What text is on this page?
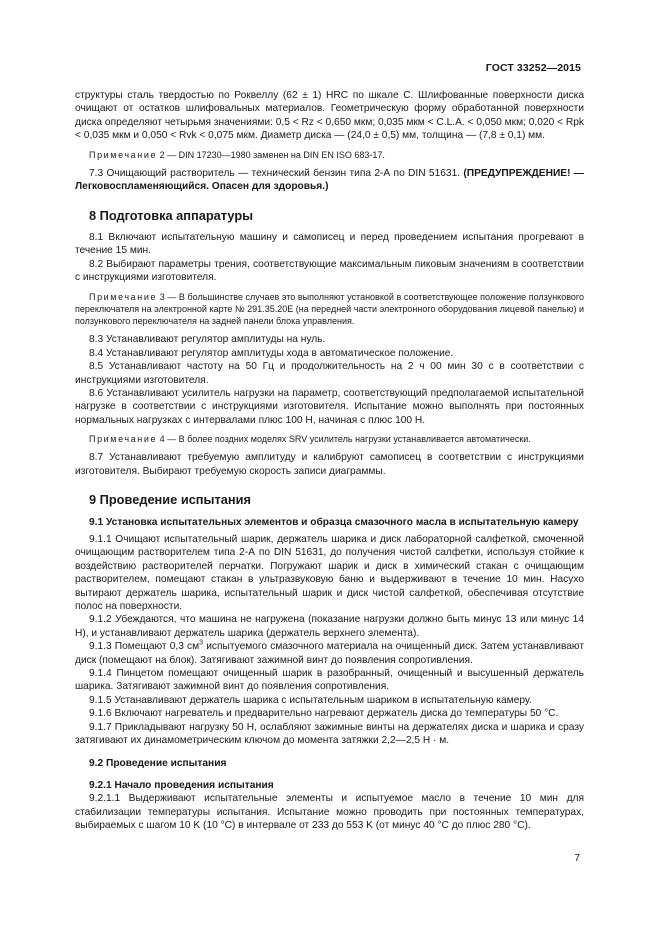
ГОСТ 33252—2015

структуры сталь твердостью по Роквеллу (62 ± 1) HRC по шкале С. Шлифованные поверхности диска очищают от остатков шлифовальных материалов. Геометрическую форму обработанной поверхности диска определяют четырьмя значениями: 0,5 < Rz < 0,650 мкм; 0,035 мкм < C.L.A. < 0,050 мкм; 0,020 < Rpk < 0,035 мкм и 0,050 < Rvk < 0,075 мкм. Диаметр диска — (24,0 ± 0,5) мм, толщина — (7,8 ± 0,1) мм.

Примечание 2 — DIN 17230—1980 заменен на DIN EN ISO 683-17.

7.3 Очищающий растворитель — технический бензин типа 2-А по DIN 51631. (ПРЕДУПРЕЖДЕНИЕ! — Легковоспламеняющийся. Опасен для здоровья.)

8 Подготовка аппаратуры

8.1 Включают испытательную машину и самописец и перед проведением испытания прогревают в течение 15 мин.

8.2 Выбирают параметры трения, соответствующие максимальным пиковым значениям в соответствии с инструкциями изготовителя.

Примечание 3 — В большинстве случаев это выполняют установкой в соответствующее положение ползункового переключателя на электронной карте № 291.35.20E (на передней части электронного оборудования лицевой панелью) и ползункового переключателя на задней панели блока управления.

8.3 Устанавливают регулятор амплитуды на нуль.

8.4 Устанавливают регулятор амплитуды хода в автоматическое положение.

8.5 Устанавливают частоту на 50 Гц и продолжительность на 2 ч 00 мин 30 с в соответствии с инструкциями изготовителя.

8.6 Устанавливают усилитель нагрузки на параметр, соответствующий предполагаемой испытательной нагрузке в соответствии с инструкциями изготовителя. Испытание можно выполнять при постоянных нормальных нагрузках с интервалами плюс 100 Н, начиная с плюс 100 Н.

Примечание 4 — В более поздних моделях SRV усилитель нагрузки устанавливается автоматически.

8.7 Устанавливают требуемую амплитуду и калибруют самописец в соответствии с инструкциями изготовителя. Выбирают требуемую скорость записи диаграммы.

9 Проведение испытания

9.1 Установка испытательных элементов и образца смазочного масла в испытательную камеру

9.1.1 Очищают испытательный шарик, держатель шарика и диск лабораторной салфеткой, смоченной очищающим растворителем типа 2-А по DIN 51631, до получения чистой салфетки, используя стойкие к воздействию растворителей перчатки. Погружают шарик и диск в химический стакан с очищающим растворителем, помещают стакан в ультразвуковую баню и выдерживают в течение 10 мин. Насухо вытирают держатель шарика, испытательный шарик и диск чистой салфеткой, обеспечивая отсутствие полос на поверхности.

9.1.2 Убеждаются, что машина не нагружена (показание нагрузки должно быть минус 13 или минус 14 Н), и устанавливают держатель шарика (держатель верхнего элемента).

9.1.3 Помещают 0,3 $см^3$ испытуемого смазочного материала на очищенный диск. Затем устанавливают диск (помещают на блок). Затягивают зажимной винт до появления сопротивления.

9.1.4 Пинцетом помещают очищенный шарик в разобранный, очищенный и высушенный держатель шарика. Затягивают зажимной винт до появления сопротивления.

9.1.5 Устанавливают держатель шарика с испытательным шариком в испытательную камеру.

9.1.6 Включают нагреватель и предварительно нагревают держатель диска до температуры 50 °С.

9.1.7 Прикладывают нагрузку 50 Н, ослабляют зажимные винты на держателях диска и шарика и сразу затягивают их динамометрическим ключом до момента затяжки 2,2—2,5 Н · м.

9.2 Проведение испытания

9.2.1 Начало проведения испытания

9.2.1.1 Выдерживают испытательные элементы и испытуемое масло в течение 10 мин для стабилизации температуры испытания. Испытание можно проводить при постоянных температурах, выбираемых с шагом 10 K (10 °С) в интервале от 233 до 553 K (от минус 40 °С до плюс 280 °С).

7
